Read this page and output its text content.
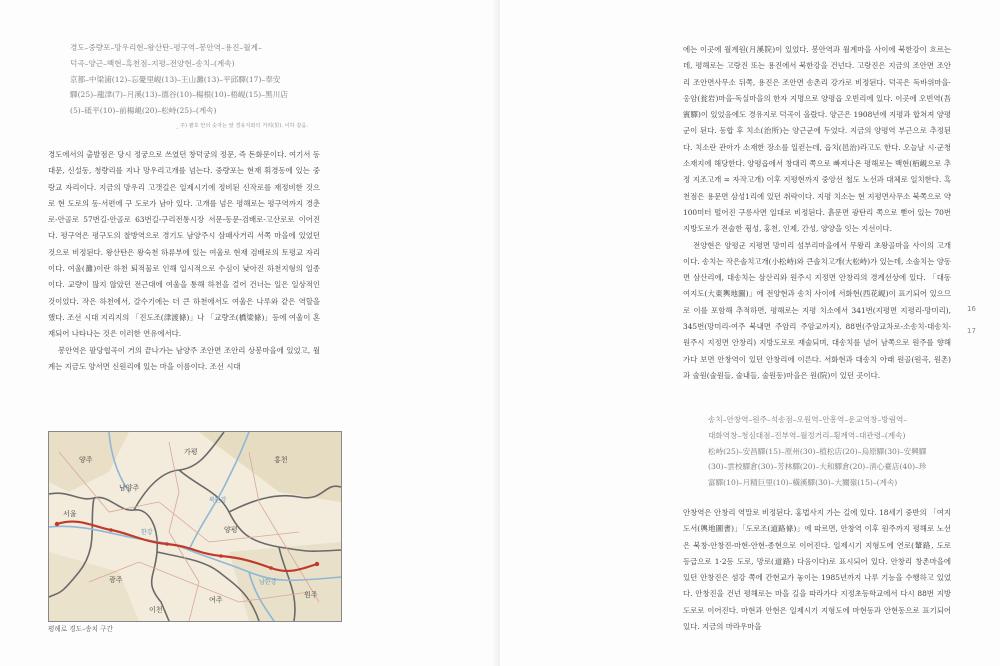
경도–중량포–망우리현–왕산탄–평구역–봉안역–용진–월계–
덕곡–양근–백현–흑천점–지평–전양현–송치–(계속)
京都–中梁浦(12)–忘憂里峴(13)–王山灘(13)–平邱驛(17)–奉安
驛(25)–龍津(7)–月溪(13)–德谷(10)–楊根(10)–梧峴(15)–黑川店
(5)–砥平(10)–前楊峴(20)–松峙(25)–(계속)
_ 주) 괄호 안의 숫자는 앞 경유지와의 거리(里). 이하 같음.

경도에서의 출발점은 당시 정궁으로 쓰였던 창덕궁의 정문, 즉 돈화문이다. 여기서 동대문, 신설동, 청량리를 지나 망우리고개를 넘는다. 중량포는 현재 휘경동에 있는 중랑교 자리이다. 지금의 망우리 고갯길은 일제시기에 정비된 신작로를 재정비한 것으로 현 도로의 동·서편에 구 도로가 남아 있다. 고개를 넘은 평해로는 평구역까지 경춘로-안골로 57번길-안골로 63번길-구리전통시장 서문-동문-검배로-고산로로 이어진다. 평구역은 평구도의 찰방역으로 경기도 남양주시 삼패사거리 서쪽 마을에 있었던 것으로 비정된다. 왕산탄은 왕숙천 하류부에 있는 여울로 현재 검배로의 토평교 자리이다. 여울(灘)이란 하천 퇴적물로 인해 일시적으로 수심이 낮아진 하천지형의 일종이다. 교량이 많지 않았던 전근대에 여울을 통해 하천을 걸어 건너는 일은 일상적인 것이었다. 작은 하천에서, 갈수기에는 더 큰 하천에서도 여울은 나루와 같은 역할을 했다. 조선 시대 지리지의 「진도조(津渡條)」나 「교량조(橋梁條)」등에 여울이 혼재되어 나타나는 것은 이러한 연유에서다.

봉안역은 팔당협곡이 거의 끝나가는 남양주 조안면 조안리 상봉마을에 있었고, 월계는 지금도 양서면 신원리에 있는 마을 이름이다. 조선 시대

서울
양주
남양주
광주
양평
여주
가평
홍천
이천
원주
한강
북한강
남한강
평해로 경도–송치 구간

에는 이곳에 월계원(月溪院)이 있었다. 봉안역과 월계마을 사이에 북한강이 흐르는데, 평해로는 고랑진 또는 용진에서 북한강을 건넌다. 고랑진은 지금의 조안면 조안리 조안면사무소 뒤쪽, 용진은 조안면 송촌리 강가로 비정된다. 덕곡은 독바위마을·옹암(瓮岩)마을·독실마을의 한자 지명으로 양평읍 오빈리에 있다. 이곳에 오빈역(吾賓驛)이 있었음에도 경유지로 덕곡이 올랐다. 양근은 1908년에 지평과 합쳐져 양평군이 된다. 동합 후 치소(治所)는 양근군에 두었다. 지금의 양평역 부근으로 추정된다. 치소란 관아가 소재한 장소를 일컫는데, 읍치(邑治)라고도 한다. 오늘날 시·군청 소재지에 해당한다. 양평읍에서 창대리 쪽으로 빠져나온 평해로는 백현(栢峴으로 추정 지조고개 = 자작고개) 이후 지평현까지 중앙선 철도 노선과 대체로 일치한다. 흑천점은 용문면 삼성1리에 있던 취락이다. 지평 치소는 현 지평면사무소 북쪽으로 약 100미터 떨어진 구릉사면 일대로 비정된다. 흙문면 광탄리 쪽으로 뻗어 있는 70번 지방도로가 전술한 휭성, 홍천, 인제, 간성, 양양을 잇는 지선이다.

전양현은 양평군 지평면 망미리 섬부리마을에서 무왕리 초왕골마을 사이의 고개이다. 송치는 작은솔치고개(小松峙)와 큰솔치고개(大松峙)가 있는데, 소솔치는 양동면 삼산리에, 대송치는 삼산리와 원주시 지정면 안창리의 경계선상에 있다. 「대동여지도(大東輿地圖)」에 전양현과 송치 사이에 서화현(西花峴)이 표기되어 있으므로 이를 포함해 추적하면, 평해로는 지평 치소에서 341번(지평면 지평리-망미리), 345번(망미리-여주 북내면 주암리 주암교까지), 88번(주암교차로-소송치-대송치-원주시 지정면 안창리) 지방도로로 재술되며, 대송치를 넘어 남쪽으로 원주를 향해 가다 보면 안창역이 있던 안창리에 이른다. 서화현과 대송치 아래 원골(원곡, 원촌)과 술원(술원들, 술내들, 술원동)마을은 원(院)이 있던 곳이다.

송치–안창역–원주–석송점–오원역–안흥역–운교역창–방림역–
대화역창–청심대점–진부역–월정거리–횡계역–대관령–(계속)
松峙(25)–安昌驛(15)–原州(30)–植松店(20)–烏原驛(30)–安興驛
(30)–雲校驛倉(30)–芳林驛(20)–大和驛倉(20)–淸心臺店(40)–珍
富驛(10)–月精巨里(10)–橫溪驛(30)–大關嶺(15)–(계속)

안창역은 안창리 역말로 비정된다. 홍법사지 가는 길에 있다. 18세기 중반의 「여지도서(輿地圖書)」「도로조(道路條)」에 따르면, 안창역 이후 원주까지 평해로 노선은 북창-안창진-마현-안현-종현으로 이어진다. 일제시기 지형도에 연로(輦路, 도로 등급으로 1·2등 도로, 망로(道路) 다음이다)로 표시되어 있다. 안창리 창촌마을에 있던 안창진은 섬강 쪽에 간현교가 놓이는 1985년까지 나루 기능을 수행하고 있었다. 안창진을 건넌 평해로는 마을 길을 따라가다 지정초등학교에서 다시 88번 지방도로로 이어진다. 마현과 안현은 일제시기 지형도에 마현동과 안현동으로 표기되어 있다. 지금의 마라우마을

16
17
